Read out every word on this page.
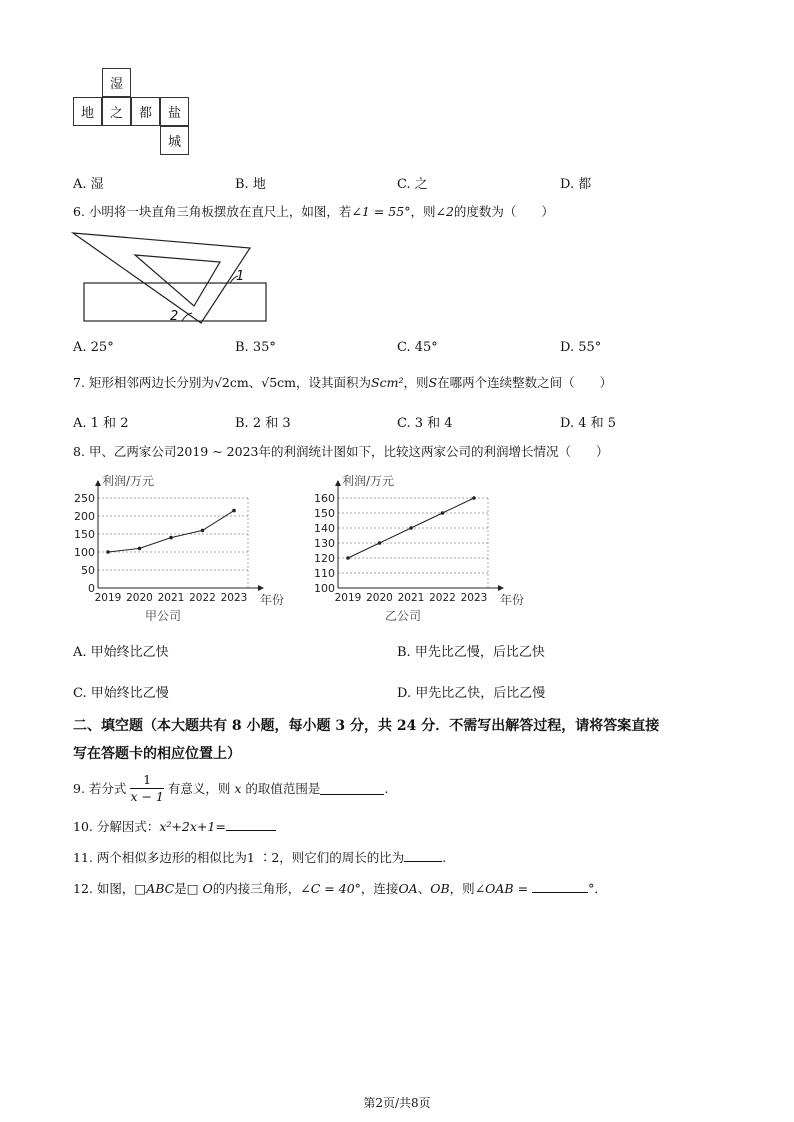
湿
地	之	都	盐
城
A. 湿	B. 地	C. 之	D. 都
6. 小明将一块直角三角板摆放在直尺上，如图，若∠1 = 55°，则∠2的度数为（　　）
1
2
A. 25°	B. 35°	C. 45°	D. 55°
7. 矩形相邻两边长分别为√2cm、√5cm，设其面积为Scm²，则S在哪两个连续整数之间（　　）
A. 1 和 2	B. 2 和 3	C. 3 和 4	D. 4 和 5
8. 甲、乙两家公司2019 ~ 2023年的利润统计图如下，比较这两家公司的利润增长情况（　　）
0
50
100
150
200
250
利润/万元
年份
2019 2020 2021 2022 2023
甲公司
100
110
120
130
140
150
160
利润/万元
年份
2019 2020 2021 2022 2023
乙公司
A. 甲始终比乙快	B. 甲先比乙慢，后比乙快
C. 甲始终比乙慢	D. 甲先比乙快，后比乙慢
二、填空题（本大题共有 8 小题，每小题 3 分，共 24 分．不需写出解答过程，请将答案直接
写在答题卡的相应位置上）
9.
若分式 $\frac{1}{x - 1}$ 有意义，则
x
的取值范围是	.
10. 分解因式：x²+2x+1=
11. 两个相似多边形的相似比为1 ∶2，则它们的周长的比为	.
12. 如图，□ABC是□ O的内接三角形，∠C = 40°，连接OA、OB，则∠OAB =	°．
第2页/共8页
